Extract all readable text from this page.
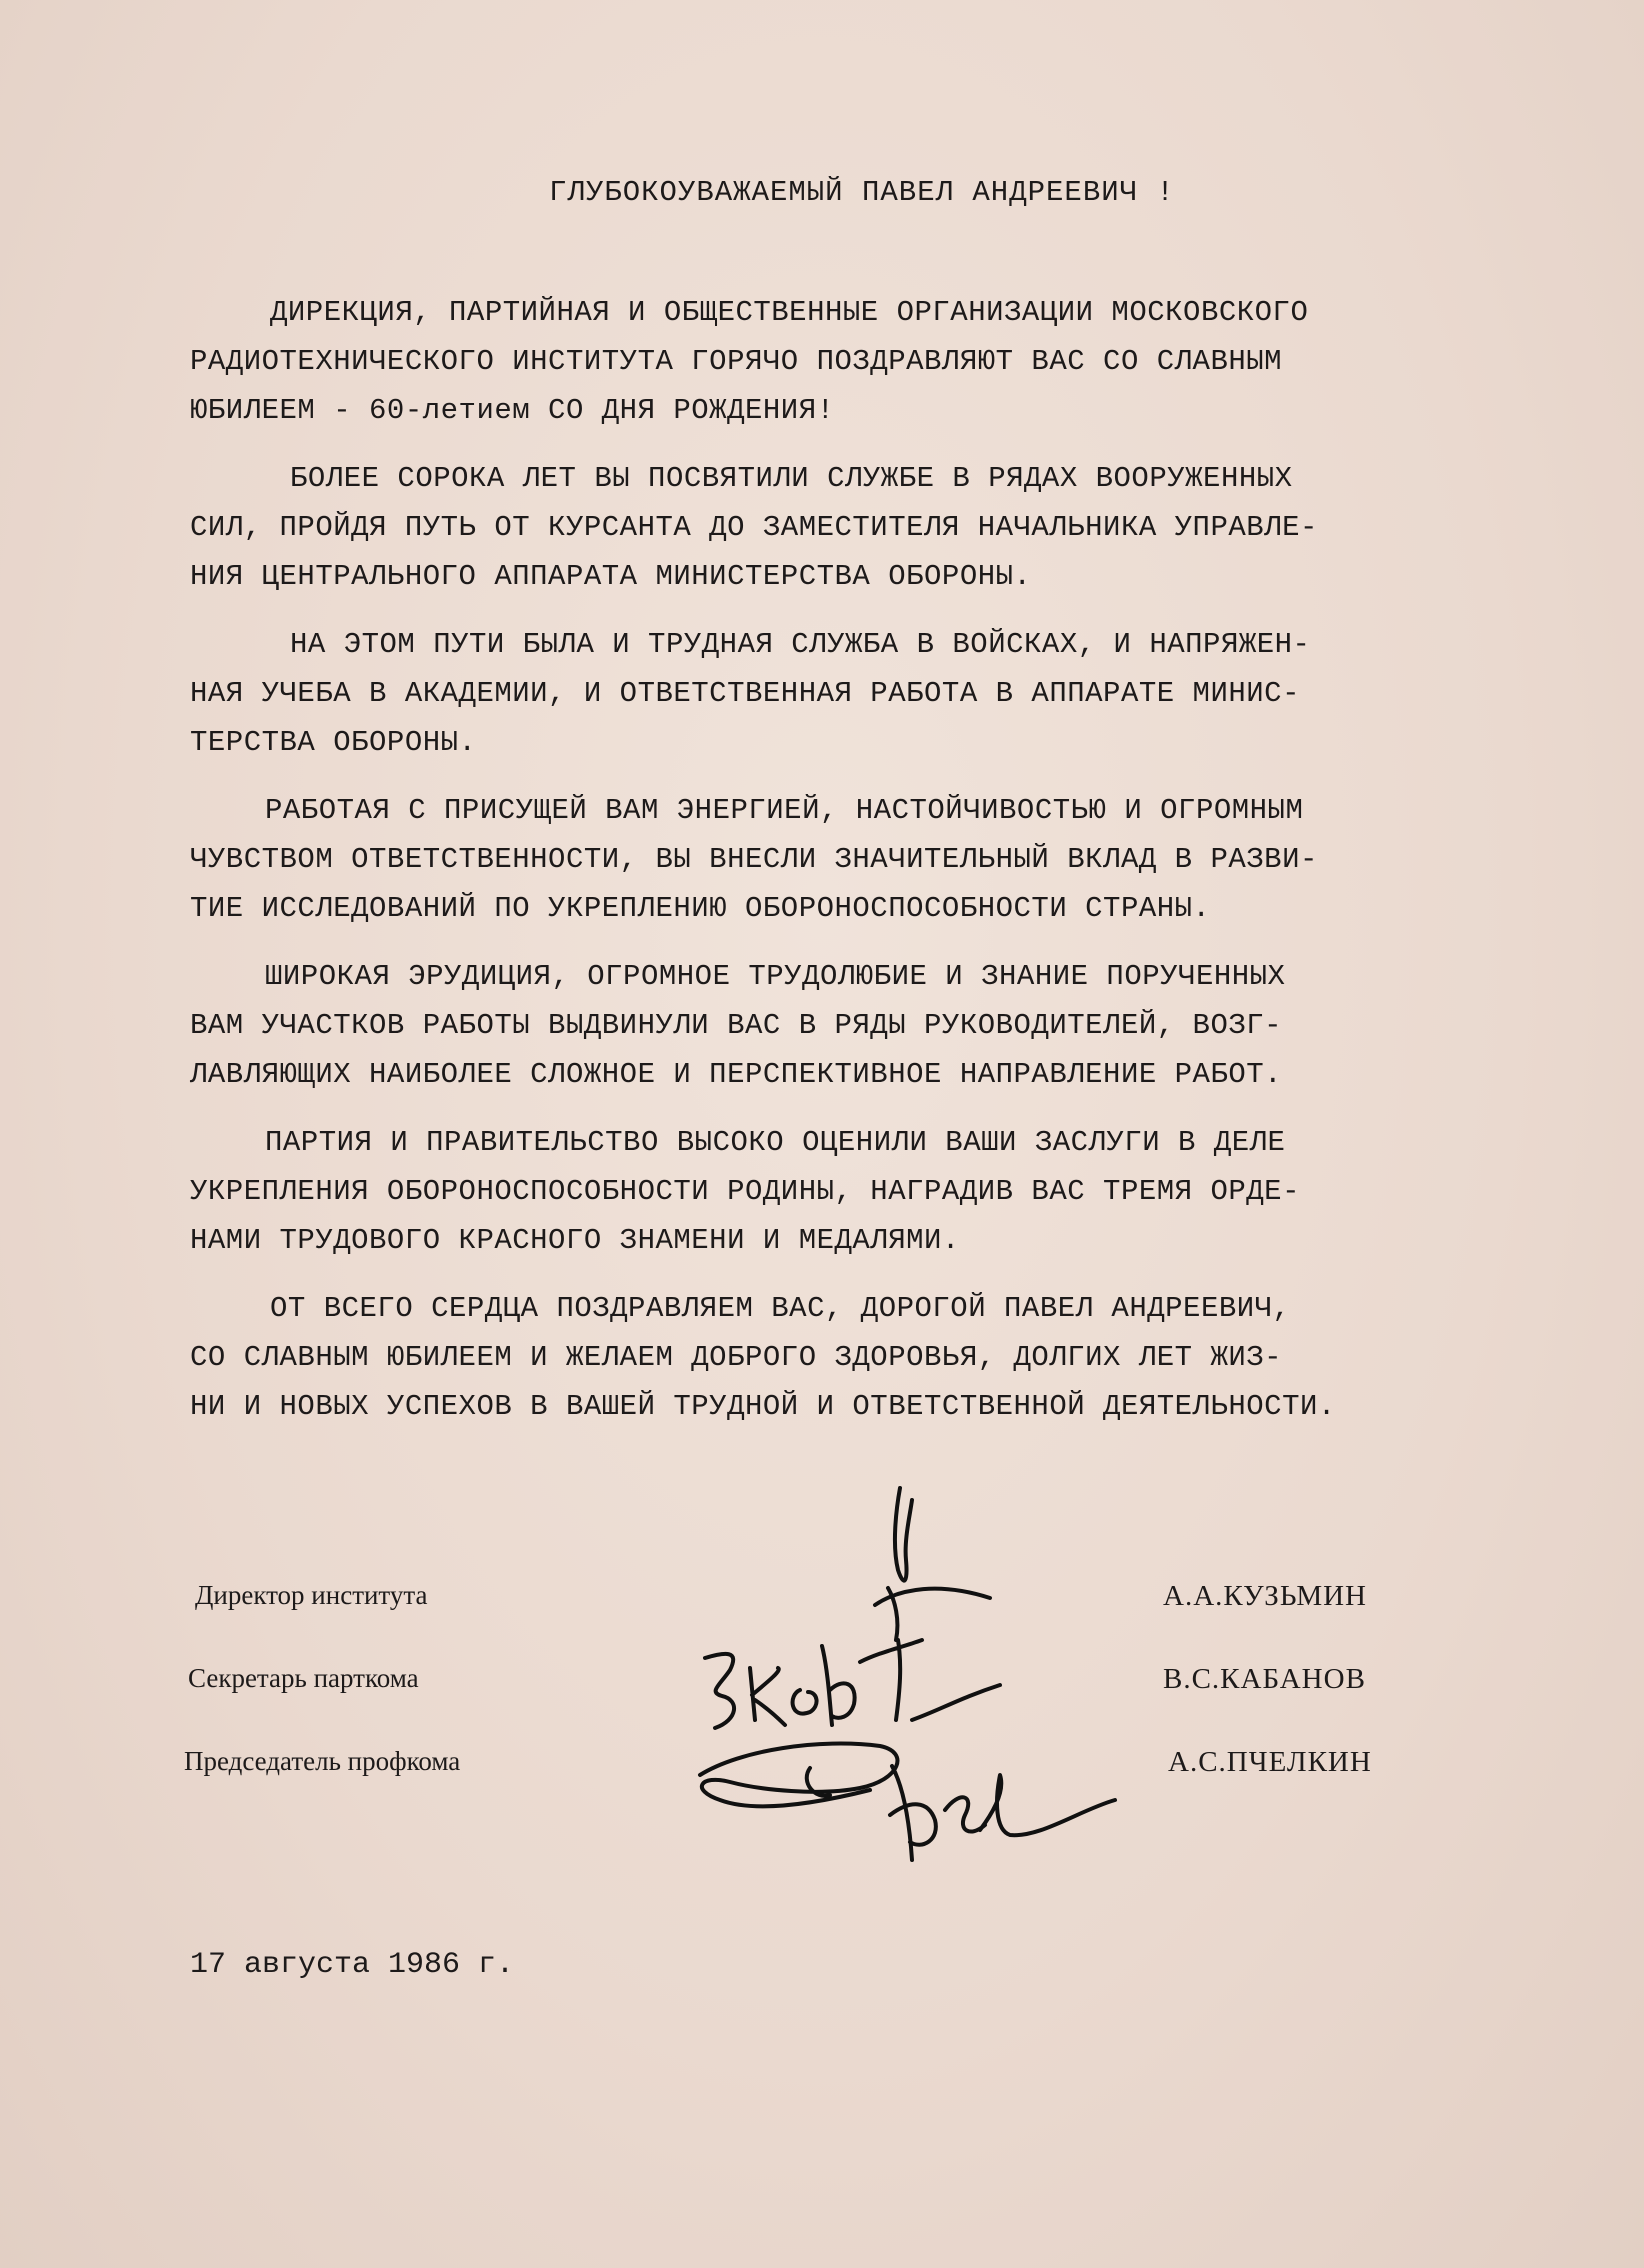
ГЛУБОКОУВАЖАЕМЫЙ ПАВЕЛ АНДРЕЕВИЧ !
ДИРЕКЦИЯ, ПАРТИЙНАЯ И ОБЩЕСТВЕННЫЕ ОРГАНИЗАЦИИ МОСКОВСКОГО
РАДИОТЕХНИЧЕСКОГО ИНСТИТУТА ГОРЯЧО ПОЗДРАВЛЯЮТ ВАС СО СЛАВНЫМ
ЮБИЛЕЕМ - 60-летием СО ДНЯ РОЖДЕНИЯ!
БОЛЕЕ СОРОКА ЛЕТ ВЫ ПОСВЯТИЛИ СЛУЖБЕ В РЯДАХ ВООРУЖЕННЫХ
СИЛ, ПРОЙДЯ ПУТЬ ОТ КУРСАНТА ДО ЗАМЕСТИТЕЛЯ НАЧАЛЬНИКА УПРАВЛЕ-
НИЯ ЦЕНТРАЛЬНОГО АППАРАТА МИНИСТЕРСТВА ОБОРОНЫ.
НА ЭТОМ ПУТИ БЫЛА И ТРУДНАЯ СЛУЖБА В ВОЙСКАХ, И НАПРЯЖЕН-
НАЯ УЧЕБА В АКАДЕМИИ, И ОТВЕТСТВЕННАЯ РАБОТА В АППАРАТЕ МИНИС-
ТЕРСТВА ОБОРОНЫ.
РАБОТАЯ С ПРИСУЩЕЙ ВАМ ЭНЕРГИЕЙ, НАСТОЙЧИВОСТЬЮ И ОГРОМНЫМ
ЧУВСТВОМ ОТВЕТСТВЕННОСТИ, ВЫ ВНЕСЛИ ЗНАЧИТЕЛЬНЫЙ ВКЛАД В РАЗВИ-
ТИЕ ИССЛЕДОВАНИЙ ПО УКРЕПЛЕНИЮ ОБОРОНОСПОСОБНОСТИ СТРАНЫ.
ШИРОКАЯ ЭРУДИЦИЯ, ОГРОМНОЕ ТРУДОЛЮБИЕ И ЗНАНИЕ ПОРУЧЕННЫХ
ВАМ УЧАСТКОВ РАБОТЫ ВЫДВИНУЛИ ВАС В РЯДЫ РУКОВОДИТЕЛЕЙ, ВОЗГ-
ЛАВЛЯЮЩИХ НАИБОЛЕЕ СЛОЖНОЕ И ПЕРСПЕКТИВНОЕ НАПРАВЛЕНИЕ РАБОТ.
ПАРТИЯ И ПРАВИТЕЛЬСТВО ВЫСОКО ОЦЕНИЛИ ВАШИ ЗАСЛУГИ В ДЕЛЕ
УКРЕПЛЕНИЯ ОБОРОНОСПОСОБНОСТИ РОДИНЫ, НАГРАДИВ ВАС ТРЕМЯ ОРДЕ-
НАМИ ТРУДОВОГО КРАСНОГО ЗНАМЕНИ И МЕДАЛЯМИ.
ОТ ВСЕГО СЕРДЦА ПОЗДРАВЛЯЕМ ВАС, ДОРОГОЙ ПАВЕЛ АНДРЕЕВИЧ,
СО СЛАВНЫМ ЮБИЛЕЕМ И ЖЕЛАЕМ ДОБРОГО ЗДОРОВЬЯ, ДОЛГИХ ЛЕТ ЖИЗ-
НИ И НОВЫХ УСПЕХОВ В ВАШЕЙ ТРУДНОЙ И ОТВЕТСТВЕННОЙ ДЕЯТЕЛЬНОСТИ.
Директор института	А.А.КУЗЬМИН
Секретарь парткома	В.С.КАБАНОВ
Председатель профкома	А.С.ПЧЕЛКИН
17 августа 1986 г.
